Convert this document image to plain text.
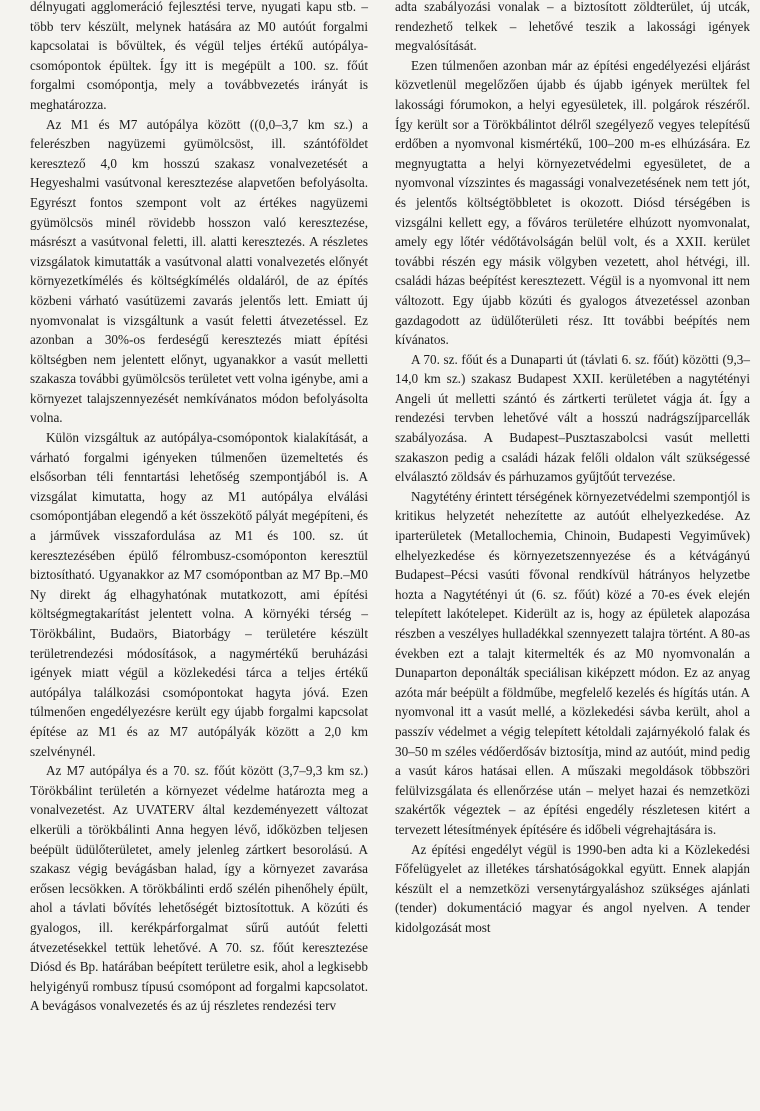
délnyugati agglomeráció fejlesztési terve, nyugati kapu stb. – több terv készült, melynek hatására az M0 autóút forgalmi kapcsolatai is bővültek, és végül teljes értékű autópálya- csomópontok épültek. Így itt is megépült a 100. sz. főút forgalmi csomópontja, mely a továbbvezetés irányát is meghatározza.

Az M1 és M7 autópálya között ((0,0–3,7 km sz.) a felerészben nagyüzemi gyümölcsöst, ill. szántóföldet keresztező 4,0 km hosszú szakasz vonalvezetését a Hegyeshalmi vasútvonal keresztezése alapvetően befolyásolta. Egyrészt fontos szempont volt az értékes nagyüzemi gyümölcsös minél rövidebb hosszon való keresztezése, másrészt a vasútvonal feletti, ill. alatti keresztezés. A részletes vizsgálatok kimutatták a vasútvonal alatti vonalvezetés előnyét környezetkímélés és költségkímélés oldaláról, de az építés közbeni várható vasútüzemi zavarás jelentős lett. Emiatt új nyomvonalat is vizsgáltunk a vasút feletti átvezetéssel. Ez azonban a 30%-os ferdeségű keresztezés miatt építési költségben nem jelentett előnyt, ugyanakkor a vasút melletti szakasza további gyümölcsös területet vett volna igénybe, ami a környezet talajszennyezését nemkívánatos módon befolyásolta volna.

Külön vizsgáltuk az autópálya-csomópontok kialakítását, a várható forgalmi igényeken túlmenően üzemeltetés és elsősorban téli fenntartási lehetőség szempontjából is. A vizsgálat kimutatta, hogy az M1 autópálya elválási csomópontjában elegendő a két összekötő pályát megépíteni, és a járművek visszafordulása az M1 és 100. sz. út keresztezésében épülő félrombusz-csomóponton keresztül biztosítható. Ugyanakkor az M7 csomópontban az M7 Bp.–M0 Ny direkt ág elhagyhatónak mutatkozott, ami építési költségmegtakarítást jelentett volna. A környéki térség – Törökbálint, Budaörs, Biatorbágy – területére készült területrendezési módosítások, a nagymértékű beruházási igények miatt végül a közlekedési tárca a teljes értékű autópálya találkozási csomópontokat hagyta jóvá. Ezen túlmenően engedélyezésre került egy újabb forgalmi kapcsolat építése az M1 és az M7 autópályák között a 2,0 km szelvénynél.

Az M7 autópálya és a 70. sz. főút között (3,7–9,3 km sz.) Törökbálint területén a környezet védelme határozta meg a vonalvezetést. Az UVATERV által kezdeményezett változat elkerüli a törökbálinti Anna hegyen lévő, időközben teljesen beépült üdülőterületet, amely jelenleg zártkert besorolású. A szakasz végig bevágásban halad, így a környezet zavarása erősen lecsökken. A törökbálinti erdő szélén pihenőhely épült, ahol a távlati bővítés lehetőségét biztosítottuk. A közúti és gyalogos, ill. kerékpárforgalmat sűrű autóút feletti átvezetésekkel tettük lehetővé. A 70. sz. főút keresztezése Diósd és Bp. határában beépített területre esik, ahol a legkisebb helyigényű rombusz típusú csomópont ad forgalmi kapcsolatot. A bevágásos vonalvezetés és az új részletes rendezési terv

adta szabályozási vonalak – a biztosított zöldterület, új utcák, rendezhető telkek – lehetővé teszik a lakossági igények megvalósítását.

Ezen túlmenően azonban már az építési engedélyezési eljárást közvetlenül megelőzően újabb és újabb igények merültek fel lakossági fórumokon, a helyi egyesületek, ill. polgárok részéről. Így került sor a Törökbálintot délről szegélyező vegyes telepítésű erdőben a nyomvonal kismértékű, 100–200 m-es elhúzására. Ez megnyugtatta a helyi környezetvédelmi egyesületet, de a nyomvonal vízszintes és magassági vonalvezetésének nem tett jót, és jelentős költségtöbbletet is okozott. Diósd térségében is vizsgálni kellett egy, a főváros területére elhúzott nyomvonalat, amely egy lőtér védőtávolságán belül volt, és a XXII. kerület további részén egy másik völgyben vezetett, ahol hétvégi, ill. családi házas beépítést keresztezett. Végül is a nyomvonal itt nem változott. Egy újabb közúti és gyalogos átvezetéssel azonban gazdagodott az üdülőterületi rész. Itt további beépítés nem kívánatos.

A 70. sz. főút és a Dunaparti út (távlati 6. sz. főút) közötti (9,3–14,0 km sz.) szakasz Budapest XXII. kerületében a nagytétényi Angeli út melletti szántó és zártkerti területet vágja át. Így a rendezési tervben lehetővé vált a hosszú nadrágszíjparcellák szabályozása. A Budapest–Pusztaszabolcsi vasút melletti szakaszon pedig a családi házak felőli oldalon vált szükségessé elválasztó zöldsáv és párhuzamos gyűjtőút tervezése.

Nagytétény érintett térségének környezetvédelmi szempontjól is kritikus helyzetét nehezítette az autóút elhelyezkedése. Az iparterületek (Metallochemia, Chinoin, Budapesti Vegyiművek) elhelyezkedése és környezetszennyezése és a kétvágányú Budapest–Pécsi vasúti fővonal rendkívül hátrányos helyzetbe hozta a Nagytétényi út (6. sz. főút) közé a 70-es évek elején telepített lakótelepet. Kiderült az is, hogy az épületek alapozása részben a veszélyes hulladékkal szennyezett talajra történt. A 80-as években ezt a talajt kitermelték és az M0 nyomvonalán a Dunaparton deponálták speciálisan kiképzett módon. Ez az anyag azóta már beépült a földműbe, megfelelő kezelés és hígítás után. A nyomvonal itt a vasút mellé, a közlekedési sávba került, ahol a passzív védelmet a végig telepített kétoldali zajárnyékoló falak és 30–50 m széles védőerdősáv biztosítja, mind az autóút, mind pedig a vasút káros hatásai ellen. A műszaki megoldások többszöri felülvizsgálata és ellenőrzése után – melyet hazai és nemzetközi szakértők végeztek – az építési engedély részletesen kitért a tervezett létesítmények építésére és időbeli végrehajtására is.

Az építési engedélyt végül is 1990-ben adta ki a Közlekedési Főfelügyelet az illetékes társhatóságokkal együtt. Ennek alapján készült el a nemzetközi versenytárgyaláshoz szükséges ajánlati (tender) dokumentáció magyar és angol nyelven. A tender kidolgozását most
